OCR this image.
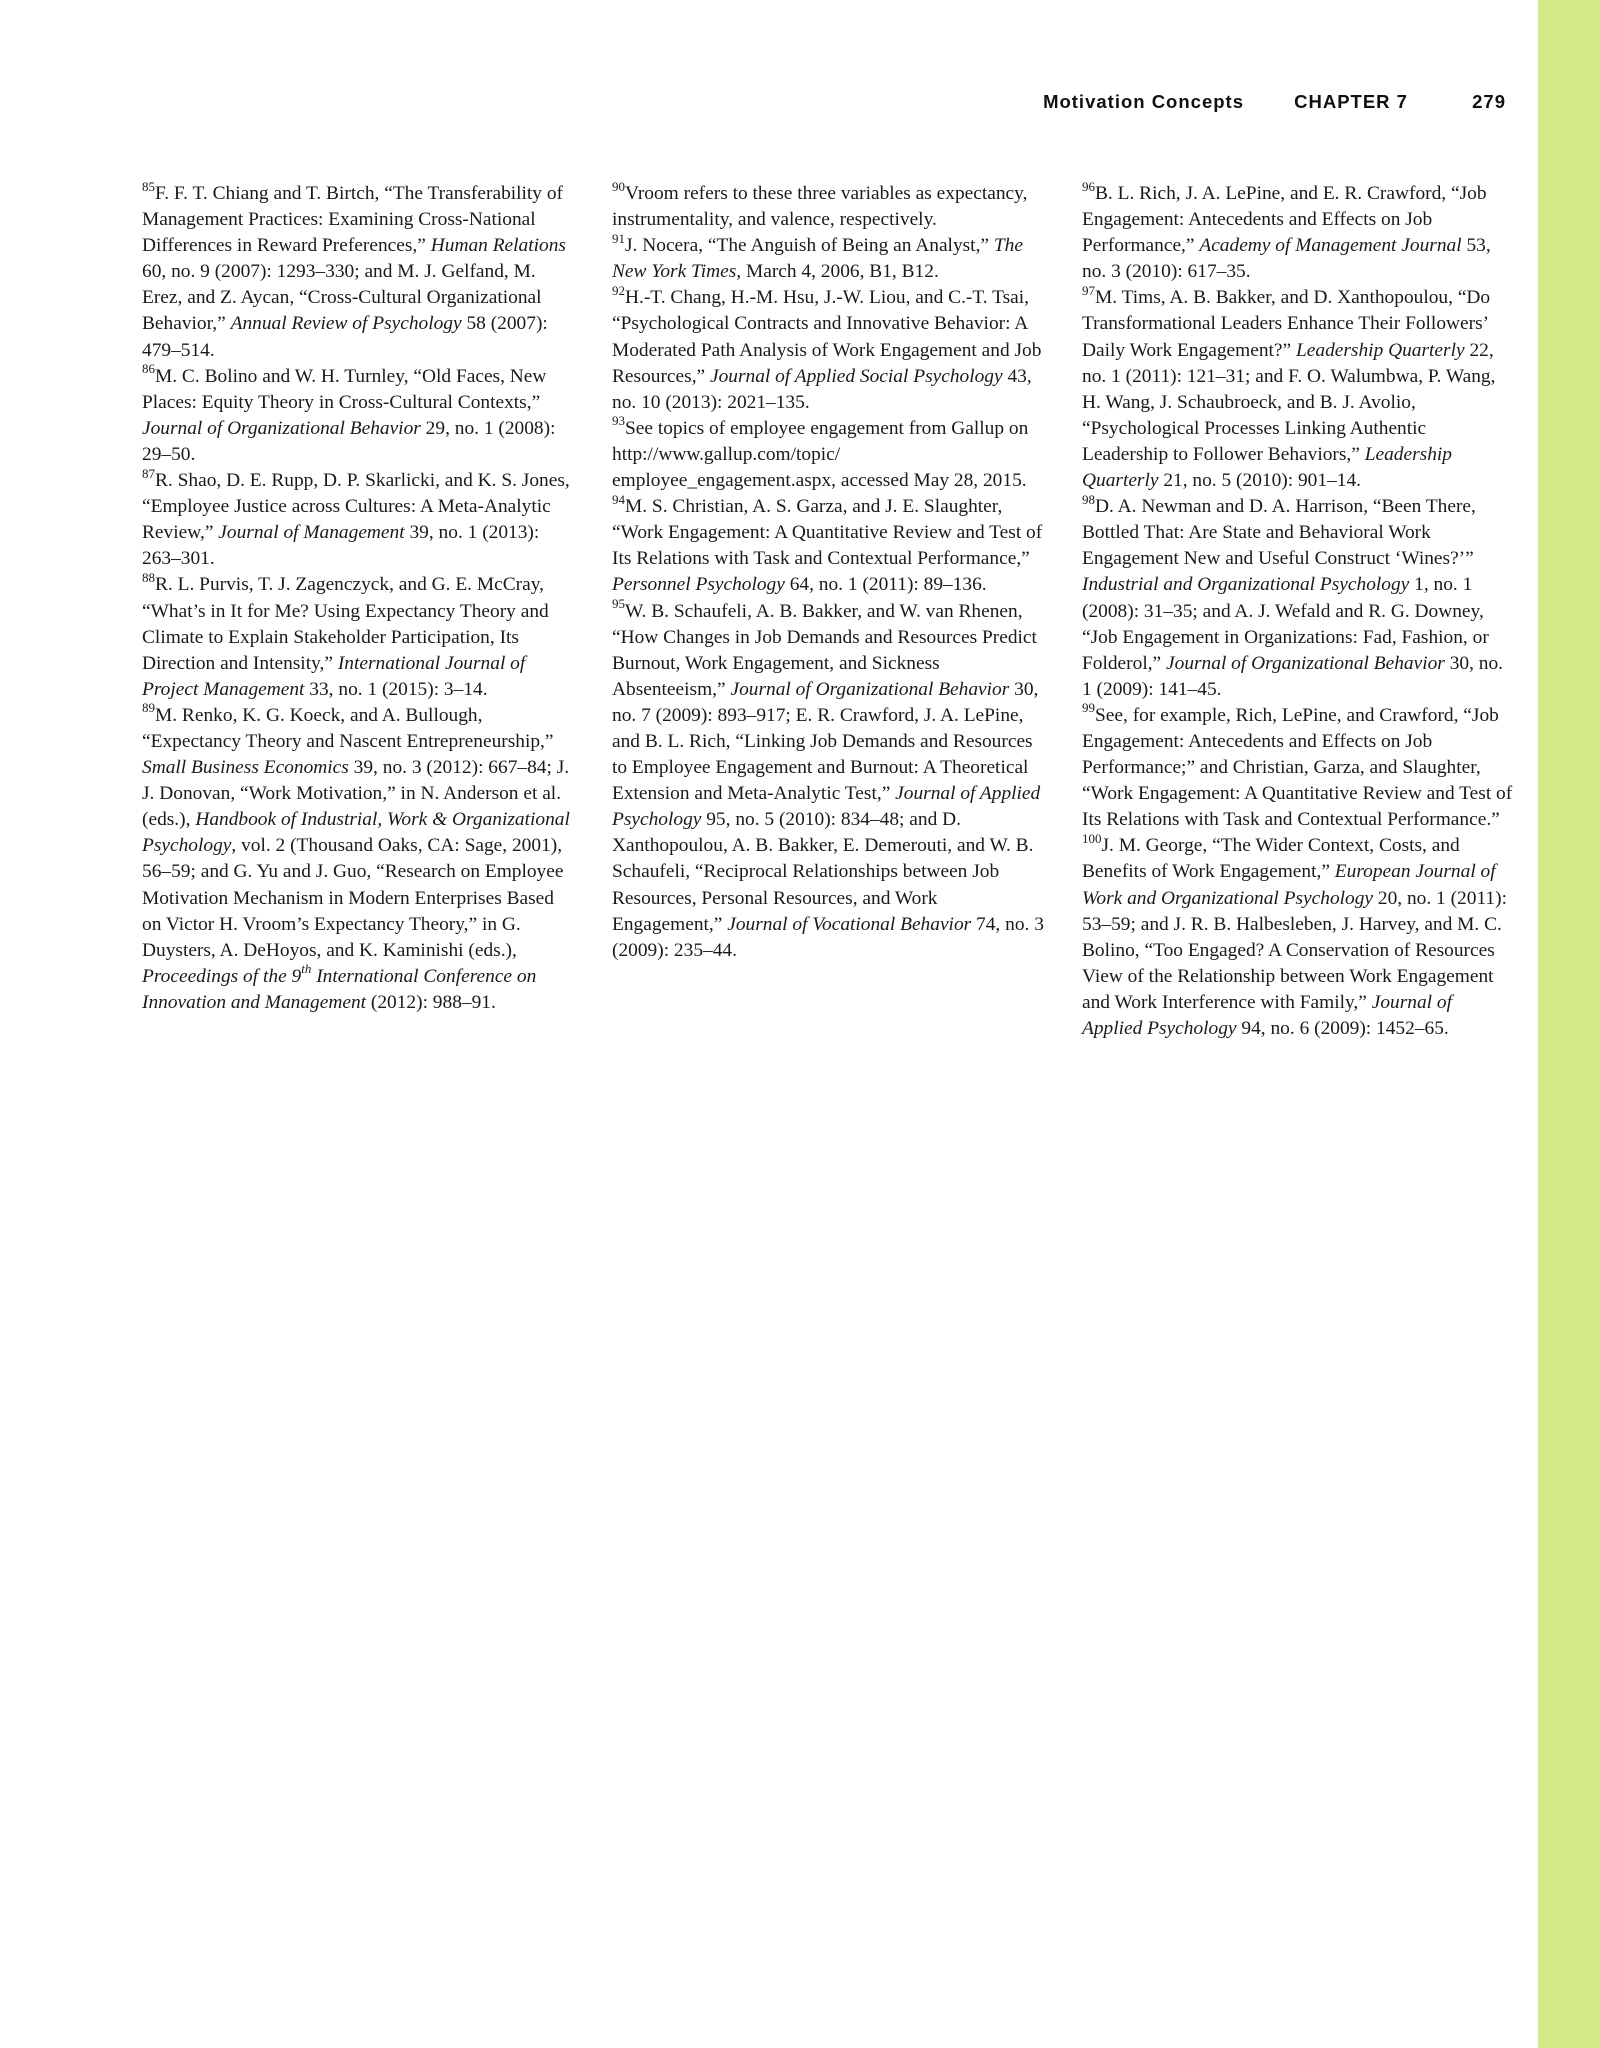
Motivation Concepts	CHAPTER 7	279

$^{85}$F. F. T. Chiang and T. Birtch, “The Transferability of Management Practices: Examining Cross-National Differences in Reward Preferences,” Human Relations 60, no. 9 (2007): 1293–330; and M. J. Gelfand, M. Erez, and Z. Aycan, “Cross-Cultural Organizational Behavior,” Annual Review of Psychology 58 (2007): 479–514.

$^{86}$M. C. Bolino and W. H. Turnley, “Old Faces, New Places: Equity Theory in Cross-Cultural Contexts,” Journal of Organizational Behavior 29, no. 1 (2008): 29–50.

$^{87}$R. Shao, D. E. Rupp, D. P. Skarlicki, and K. S. Jones, “Employee Justice across Cultures: A Meta-Analytic Review,” Journal of Management 39, no. 1 (2013): 263–301.

$^{88}$R. L. Purvis, T. J. Zagenczyck, and G. E. McCray, “What’s in It for Me? Using Expectancy Theory and Climate to Explain Stakeholder Participation, Its Direction and Intensity,” International Journal of Project Management 33, no. 1 (2015): 3–14.

$^{89}$M. Renko, K. G. Koeck, and A. Bullough, “Expectancy Theory and Nascent Entrepreneurship,” Small Business Economics 39, no. 3 (2012): 667–84; J. J. Donovan, “Work Motivation,” in N. Anderson et al. (eds.), Handbook of Industrial, Work & Organizational Psychology, vol. 2 (Thousand Oaks, CA: Sage, 2001), 56–59; and G. Yu and J. Guo, “Research on Employee Motivation Mechanism in Modern Enterprises Based on Victor H. Vroom’s Expectancy Theory,” in G. Duysters, A. DeHoyos, and K. Kaminishi (eds.), Proceedings of the 9th International Conference on Innovation and Management (2012): 988–91.

$^{90}$Vroom refers to these three variables as expectancy, instrumentality, and valence, respectively.

$^{91}$J. Nocera, “The Anguish of Being an Analyst,” The New York Times, March 4, 2006, B1, B12.

$^{92}$H.-T. Chang, H.-M. Hsu, J.-W. Liou, and C.-T. Tsai, “Psychological Contracts and Innovative Behavior: A Moderated Path Analysis of Work Engagement and Job Resources,” Journal of Applied Social Psychology 43, no. 10 (2013): 2021–135.

$^{93}$See topics of employee engagement from Gallup on http://www.gallup.com/topic/ employee_engagement.aspx, accessed May 28, 2015.

$^{94}$M. S. Christian, A. S. Garza, and J. E. Slaughter, “Work Engagement: A Quantitative Review and Test of Its Relations with Task and Contextual Performance,” Personnel Psychology 64, no. 1 (2011): 89–136.

$^{95}$W. B. Schaufeli, A. B. Bakker, and W. van Rhenen, “How Changes in Job Demands and Resources Predict Burnout, Work Engagement, and Sickness Absenteeism,” Journal of Organizational Behavior 30, no. 7 (2009): 893–917; E. R. Crawford, J. A. LePine, and B. L. Rich, “Linking Job Demands and Resources to Employee Engagement and Burnout: A Theoretical Extension and Meta-Analytic Test,” Journal of Applied Psychology 95, no. 5 (2010): 834–48; and D. Xanthopoulou, A. B. Bakker, E. Demerouti, and W. B. Schaufeli, “Reciprocal Relationships between Job Resources, Personal Resources, and Work Engagement,” Journal of Vocational Behavior 74, no. 3 (2009): 235–44.

$^{96}$B. L. Rich, J. A. LePine, and E. R. Crawford, “Job Engagement: Antecedents and Effects on Job Performance,” Academy of Management Journal 53, no. 3 (2010): 617–35.

$^{97}$M. Tims, A. B. Bakker, and D. Xanthopoulou, “Do Transformational Leaders Enhance Their Followers’ Daily Work Engagement?” Leadership Quarterly 22, no. 1 (2011): 121–31; and F. O. Walumbwa, P. Wang, H. Wang, J. Schaubroeck, and B. J. Avolio, “Psychological Processes Linking Authentic Leadership to Follower Behaviors,” Leadership Quarterly 21, no. 5 (2010): 901–14.

$^{98}$D. A. Newman and D. A. Harrison, “Been There, Bottled That: Are State and Behavioral Work Engagement New and Useful Construct ‘Wines?’” Industrial and Organizational Psychology 1, no. 1 (2008): 31–35; and A. J. Wefald and R. G. Downey, “Job Engagement in Organizations: Fad, Fashion, or Folderol,” Journal of Organizational Behavior 30, no. 1 (2009): 141–45.

$^{99}$See, for example, Rich, LePine, and Crawford, “Job Engagement: Antecedents and Effects on Job Performance;” and Christian, Garza, and Slaughter, “Work Engagement: A Quantitative Review and Test of Its Relations with Task and Contextual Performance.”

$^{100}$J. M. George, “The Wider Context, Costs, and Benefits of Work Engagement,” European Journal of Work and Organizational Psychology 20, no. 1 (2011): 53–59; and J. R. B. Halbesleben, J. Harvey, and M. C. Bolino, “Too Engaged? A Conservation of Resources View of the Relationship between Work Engagement and Work Interference with Family,” Journal of Applied Psychology 94, no. 6 (2009): 1452–65.
